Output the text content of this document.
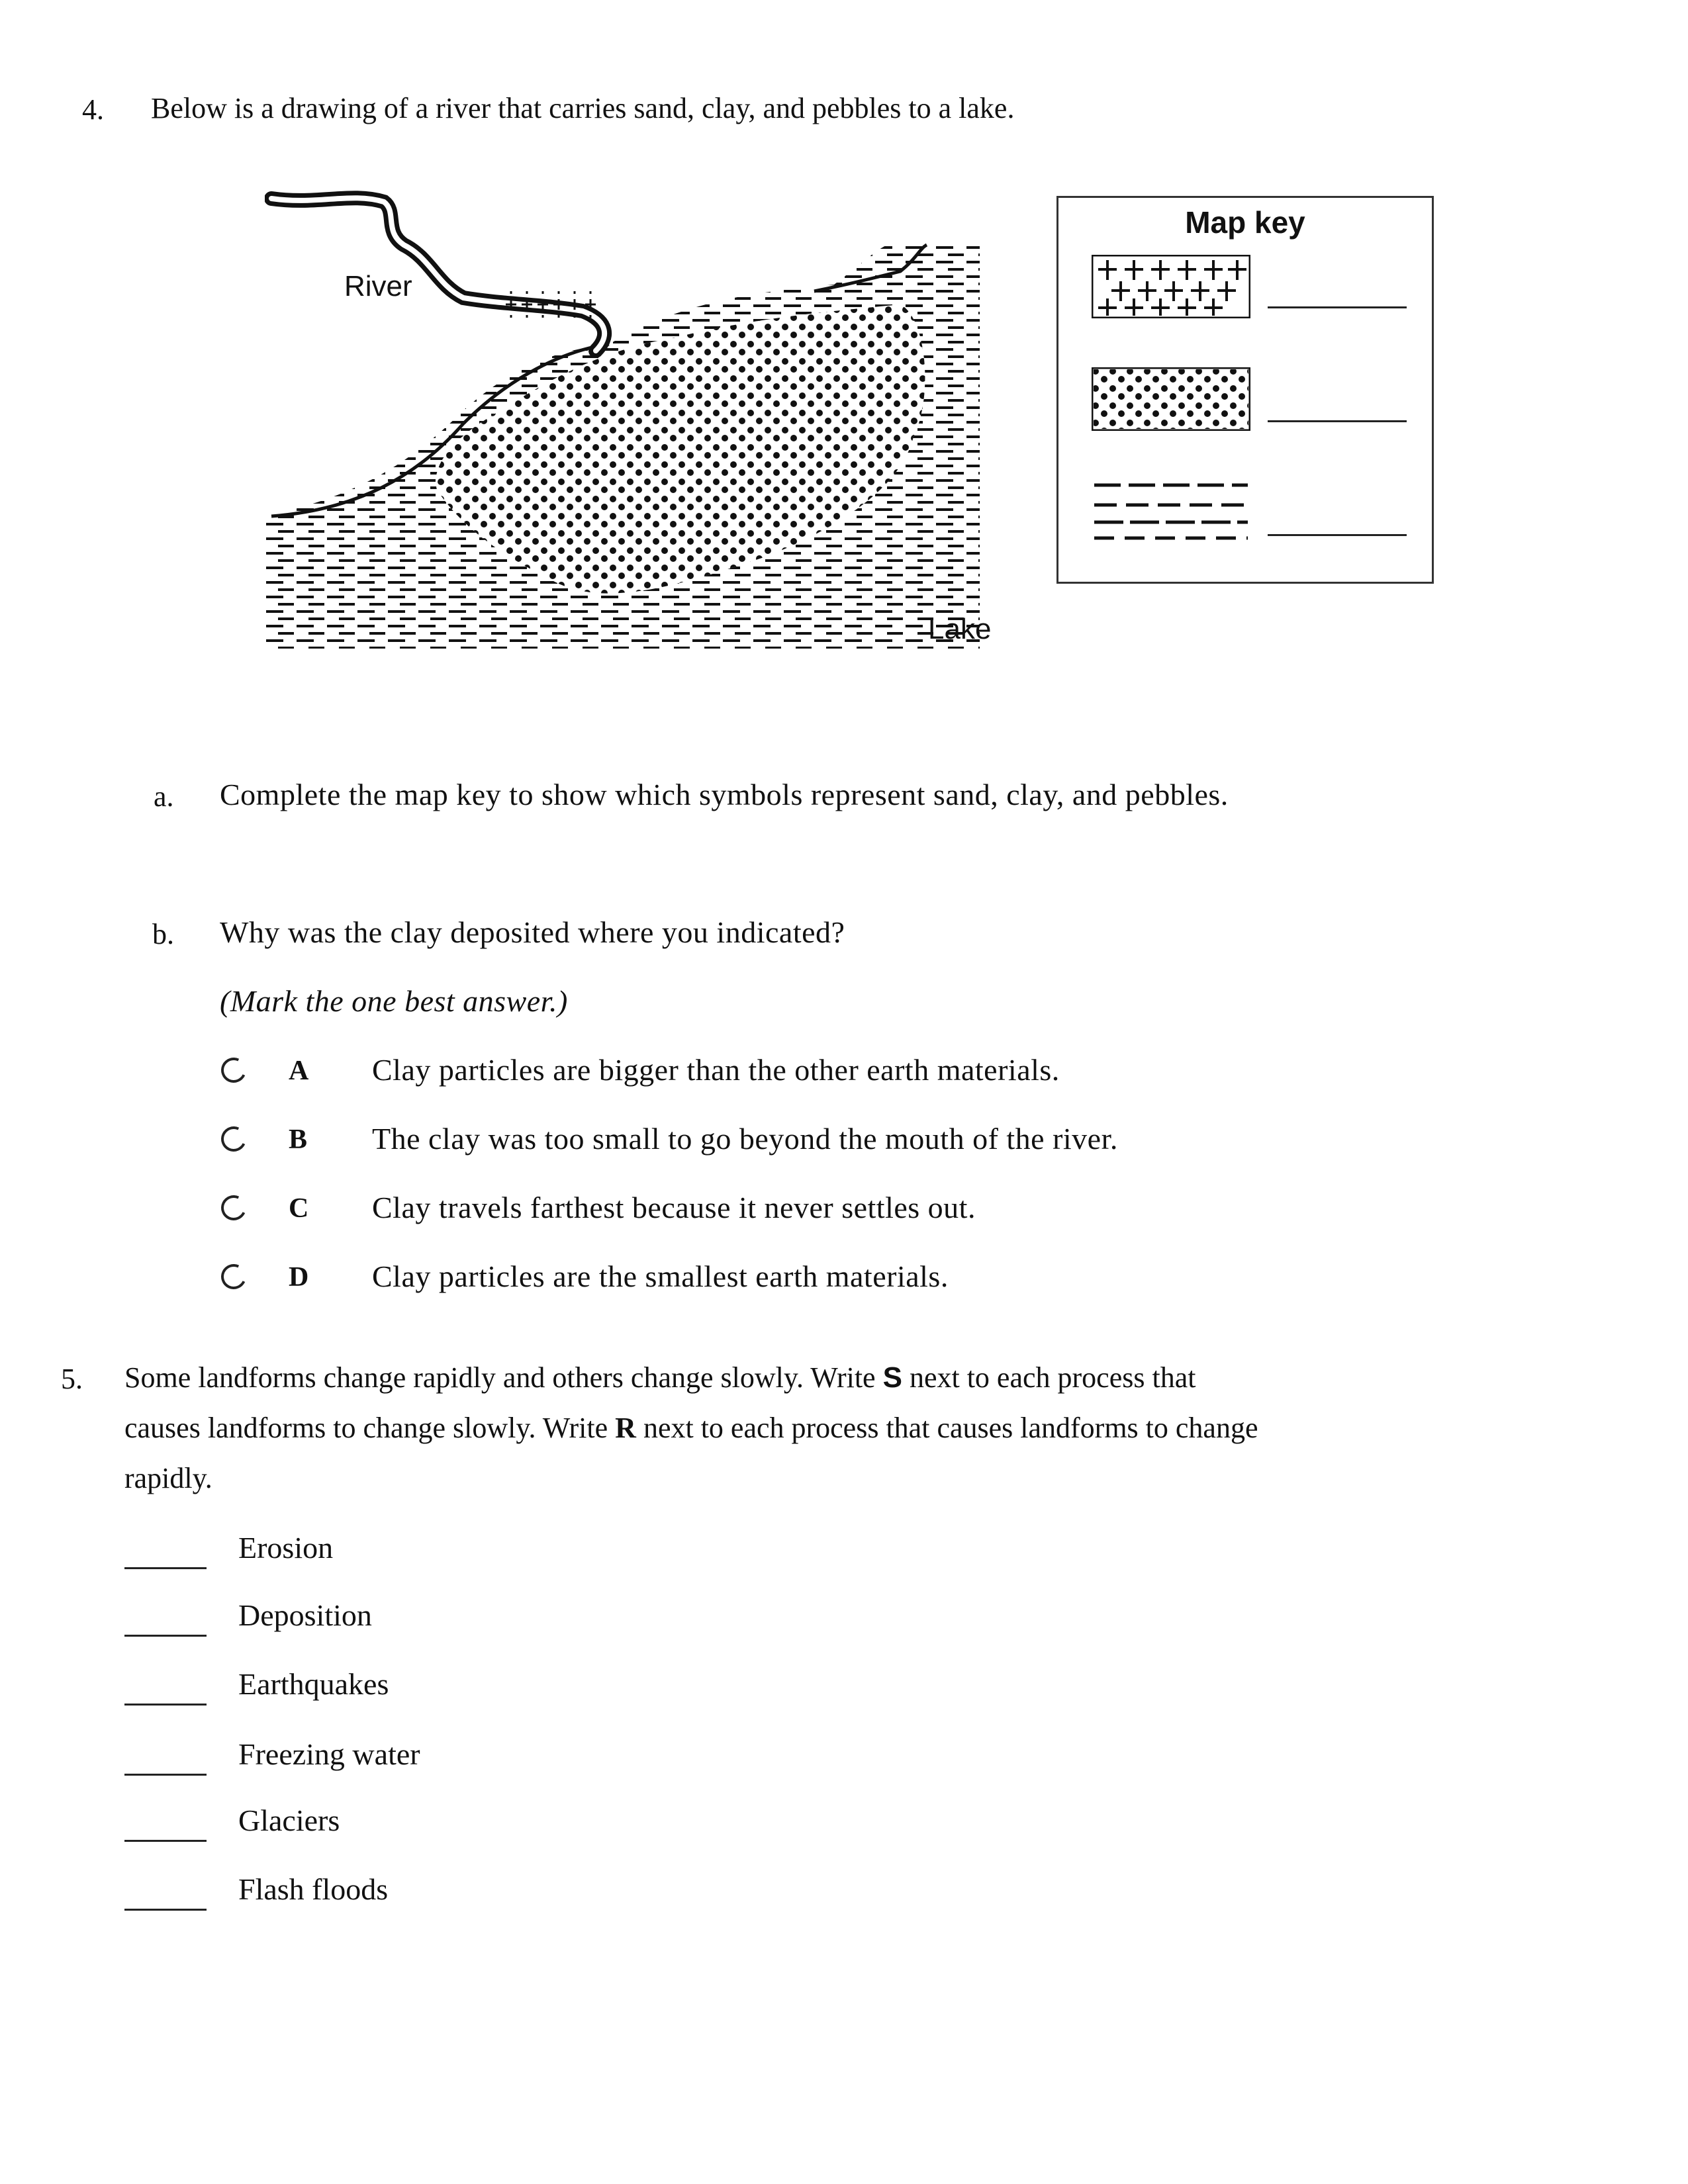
4. Below is a drawing of a river that carries sand, clay, and pebbles to a lake.
River
Lake
Map key
a. Complete the map key to show which symbols represent sand, clay, and pebbles.
b. Why was the clay deposited where you indicated?
(Mark the one best answer.)
A Clay particles are bigger than the other earth materials.
B The clay was too small to go beyond the mouth of the river.
C Clay travels farthest because it never settles out.
D Clay particles are the smallest earth materials.
5. Some landforms change rapidly and others change slowly. Write S next to each process that
causes landforms to change slowly. Write R next to each process that causes landforms to change
rapidly.
Erosion
Deposition
Earthquakes
Freezing water
Glaciers
Flash floods
